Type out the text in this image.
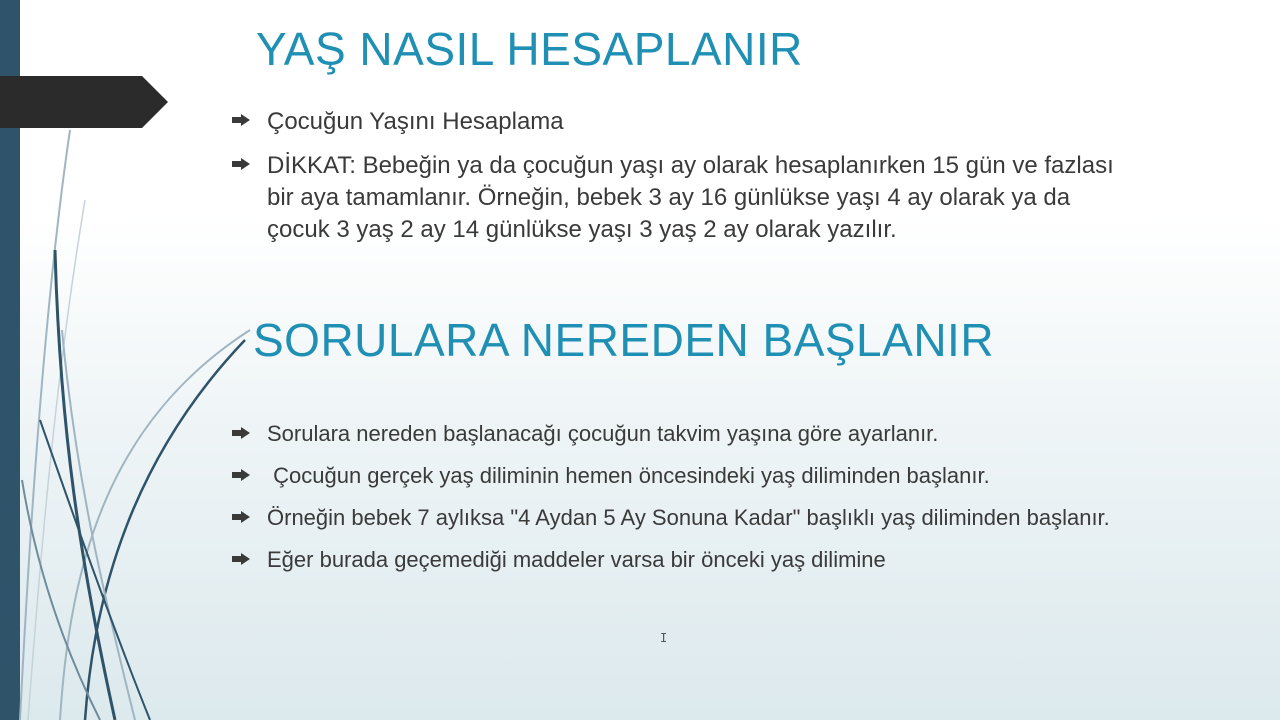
YAŞ NASIL HESAPLANIR
Çocuğun Yaşını Hesaplama
DİKKAT: Bebeğin ya da çocuğun yaşı ay olarak hesaplanırken 15 gün ve fazlası bir aya tamamlanır. Örneğin, bebek 3 ay 16 günlükse yaşı 4 ay olarak ya da çocuk 3 yaş 2 ay 14 günlükse yaşı 3 yaş 2 ay olarak yazılır.
SORULARA NEREDEN BAŞLANIR
Sorulara nereden başlanacağı çocuğun takvim yaşına göre ayarlanır.
Çocuğun gerçek yaş diliminin hemen öncesindeki yaş diliminden başlanır.
Örneğin bebek 7 aylıksa "4 Aydan 5 Ay Sonuna Kadar" başlıklı yaş diliminden başlanır.
Eğer burada geçemediği maddeler varsa bir önceki yaş dilimine
I
